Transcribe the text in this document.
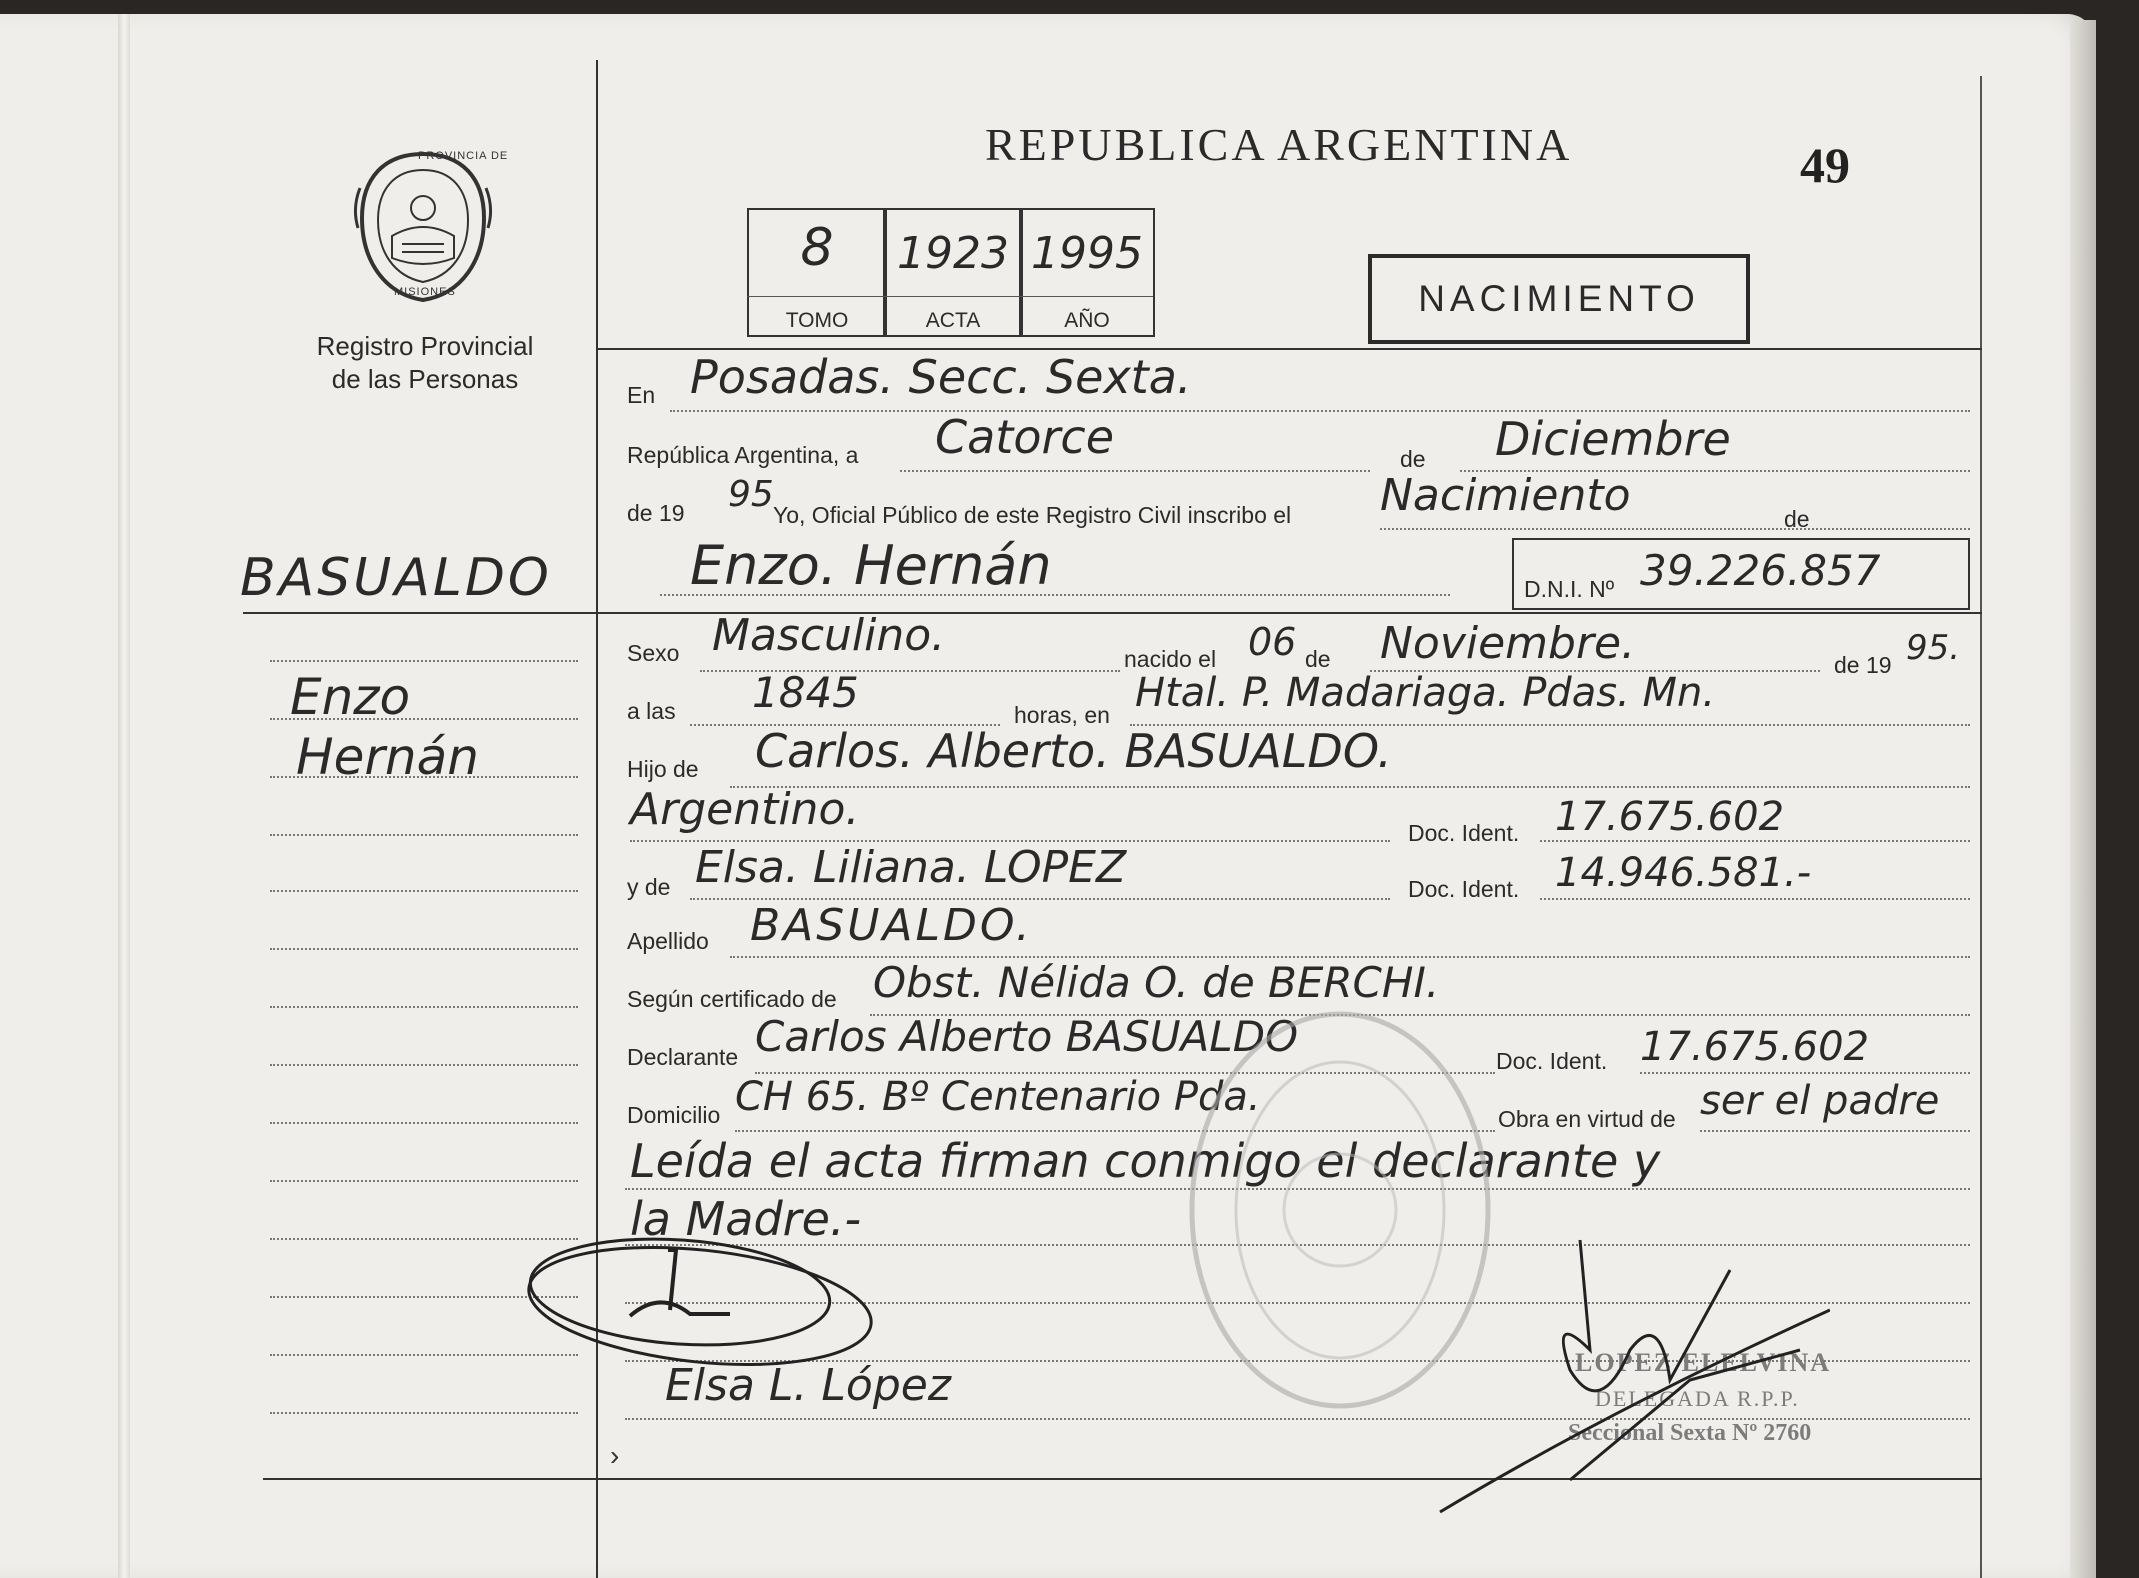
PROVINCIA DE
MISIONES
Registro Provincial
de las Personas
REPUBLICA ARGENTINA	49
8
TOMO
1923
ACTA
1995
AÑO
NACIMIENTO
BASUALDO
Enzo
Hernán
En Posadas. Secc. Sexta.
República Argentina, a Catorce	de Diciembre
de 19 95 Yo, Oficial Público de este Registro Civil inscribo el Nacimiento	de
Enzo. Hernán	D.N.I. Nº 39.226.857
Sexo Masculino.	nacido el 06 de Noviembre.	de 19 95.
a las 1845	horas, en Htal. P. Madariaga. Pdas. Mn.
Hijo de Carlos. Alberto. BASUALDO.
Argentino.	Doc. Ident. 17.675.602
y de Elsa. Liliana. LOPEZ	Doc. Ident. 14.946.581.-
Apellido BASUALDO.
Según certificado de Obst. Nélida O. de BERCHI.
Declarante Carlos Alberto BASUALDO	Doc. Ident. 17.675.602
Domicilio CH 65. Bº Centenario Pda.	Obra en virtud de ser el padre
Leída el acta firman conmigo el declarante y
la Madre.-
LOPEZ ELELVINA
DELEGADA R.P.P.
Seccional Sexta Nº 2760
Elsa L. López
›
